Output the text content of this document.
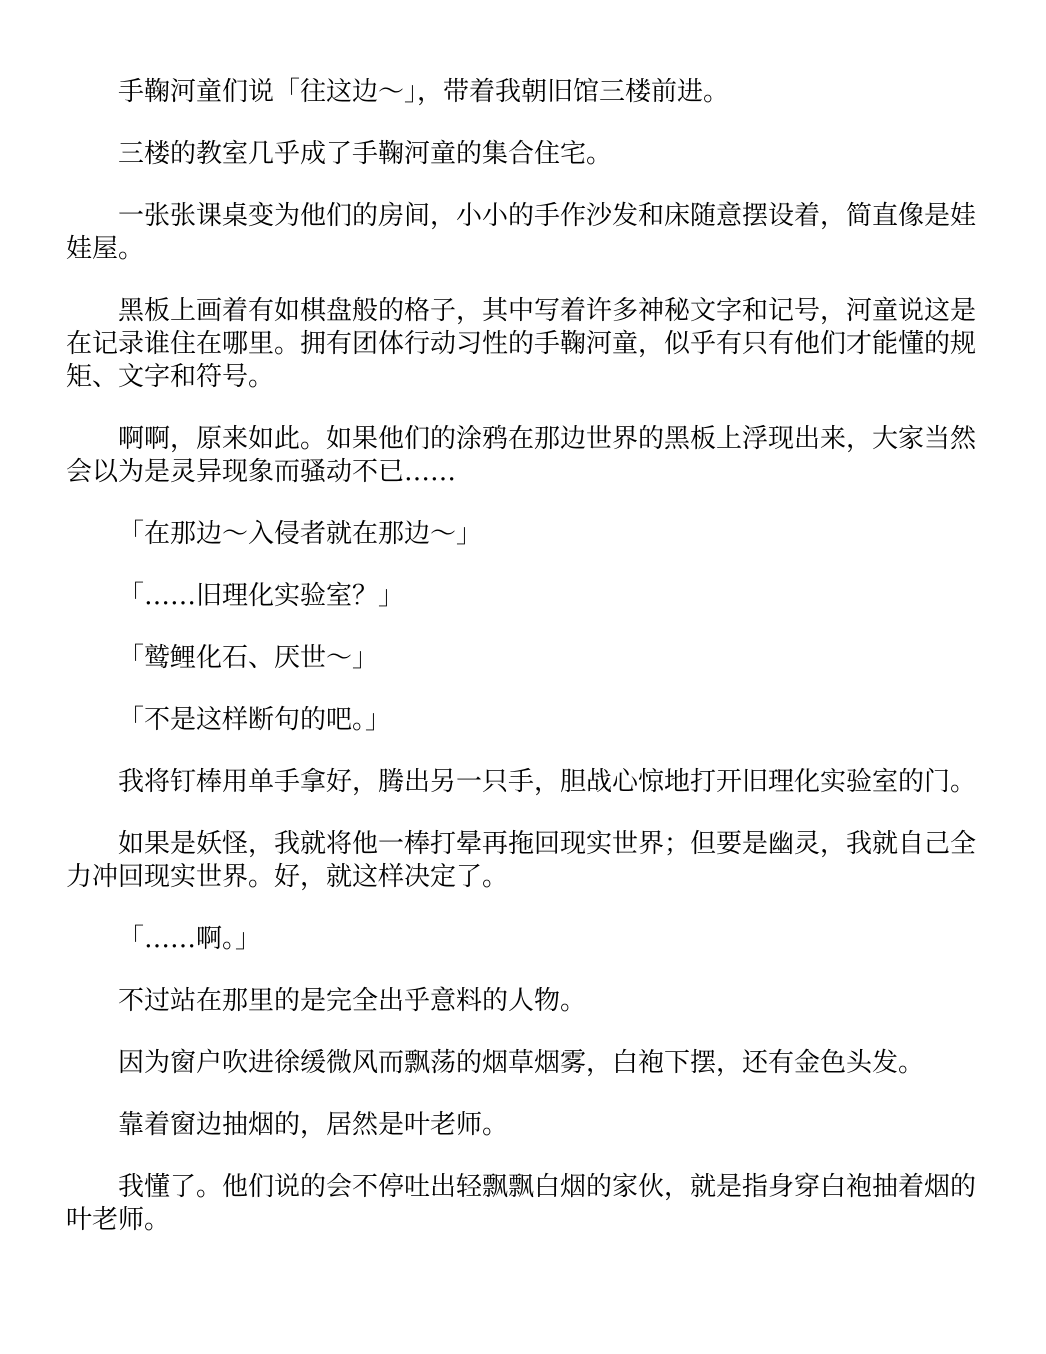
手鞠河童们说「往这边～」，带着我朝旧馆三楼前进。

三楼的教室几乎成了手鞠河童的集合住宅。

一张张课桌变为他们的房间，小小的手作沙发和床随意摆设着，简直像是娃娃屋。

黑板上画着有如棋盘般的格子，其中写着许多神秘文字和记号，河童说这是在记录谁住在哪里。拥有团体行动习性的手鞠河童，似乎有只有他们才能懂的规矩、文字和符号。

啊啊，原来如此。如果他们的涂鸦在那边世界的黑板上浮现出来，大家当然会以为是灵异现象而骚动不已……

「在那边～入侵者就在那边～」

「……旧理化实验室？」

「鹫鲤化石、厌世～」

「不是这样断句的吧。」

我将钉棒用单手拿好，腾出另一只手，胆战心惊地打开旧理化实验室的门。

如果是妖怪，我就将他一棒打晕再拖回现实世界；但要是幽灵，我就自己全力冲回现实世界。好，就这样决定了。

「……啊。」

不过站在那里的是完全出乎意料的人物。

因为窗户吹进徐缓微风而飘荡的烟草烟雾，白袍下摆，还有金色头发。

靠着窗边抽烟的，居然是叶老师。

我懂了。他们说的会不停吐出轻飘飘白烟的家伙，就是指身穿白袍抽着烟的叶老师。
